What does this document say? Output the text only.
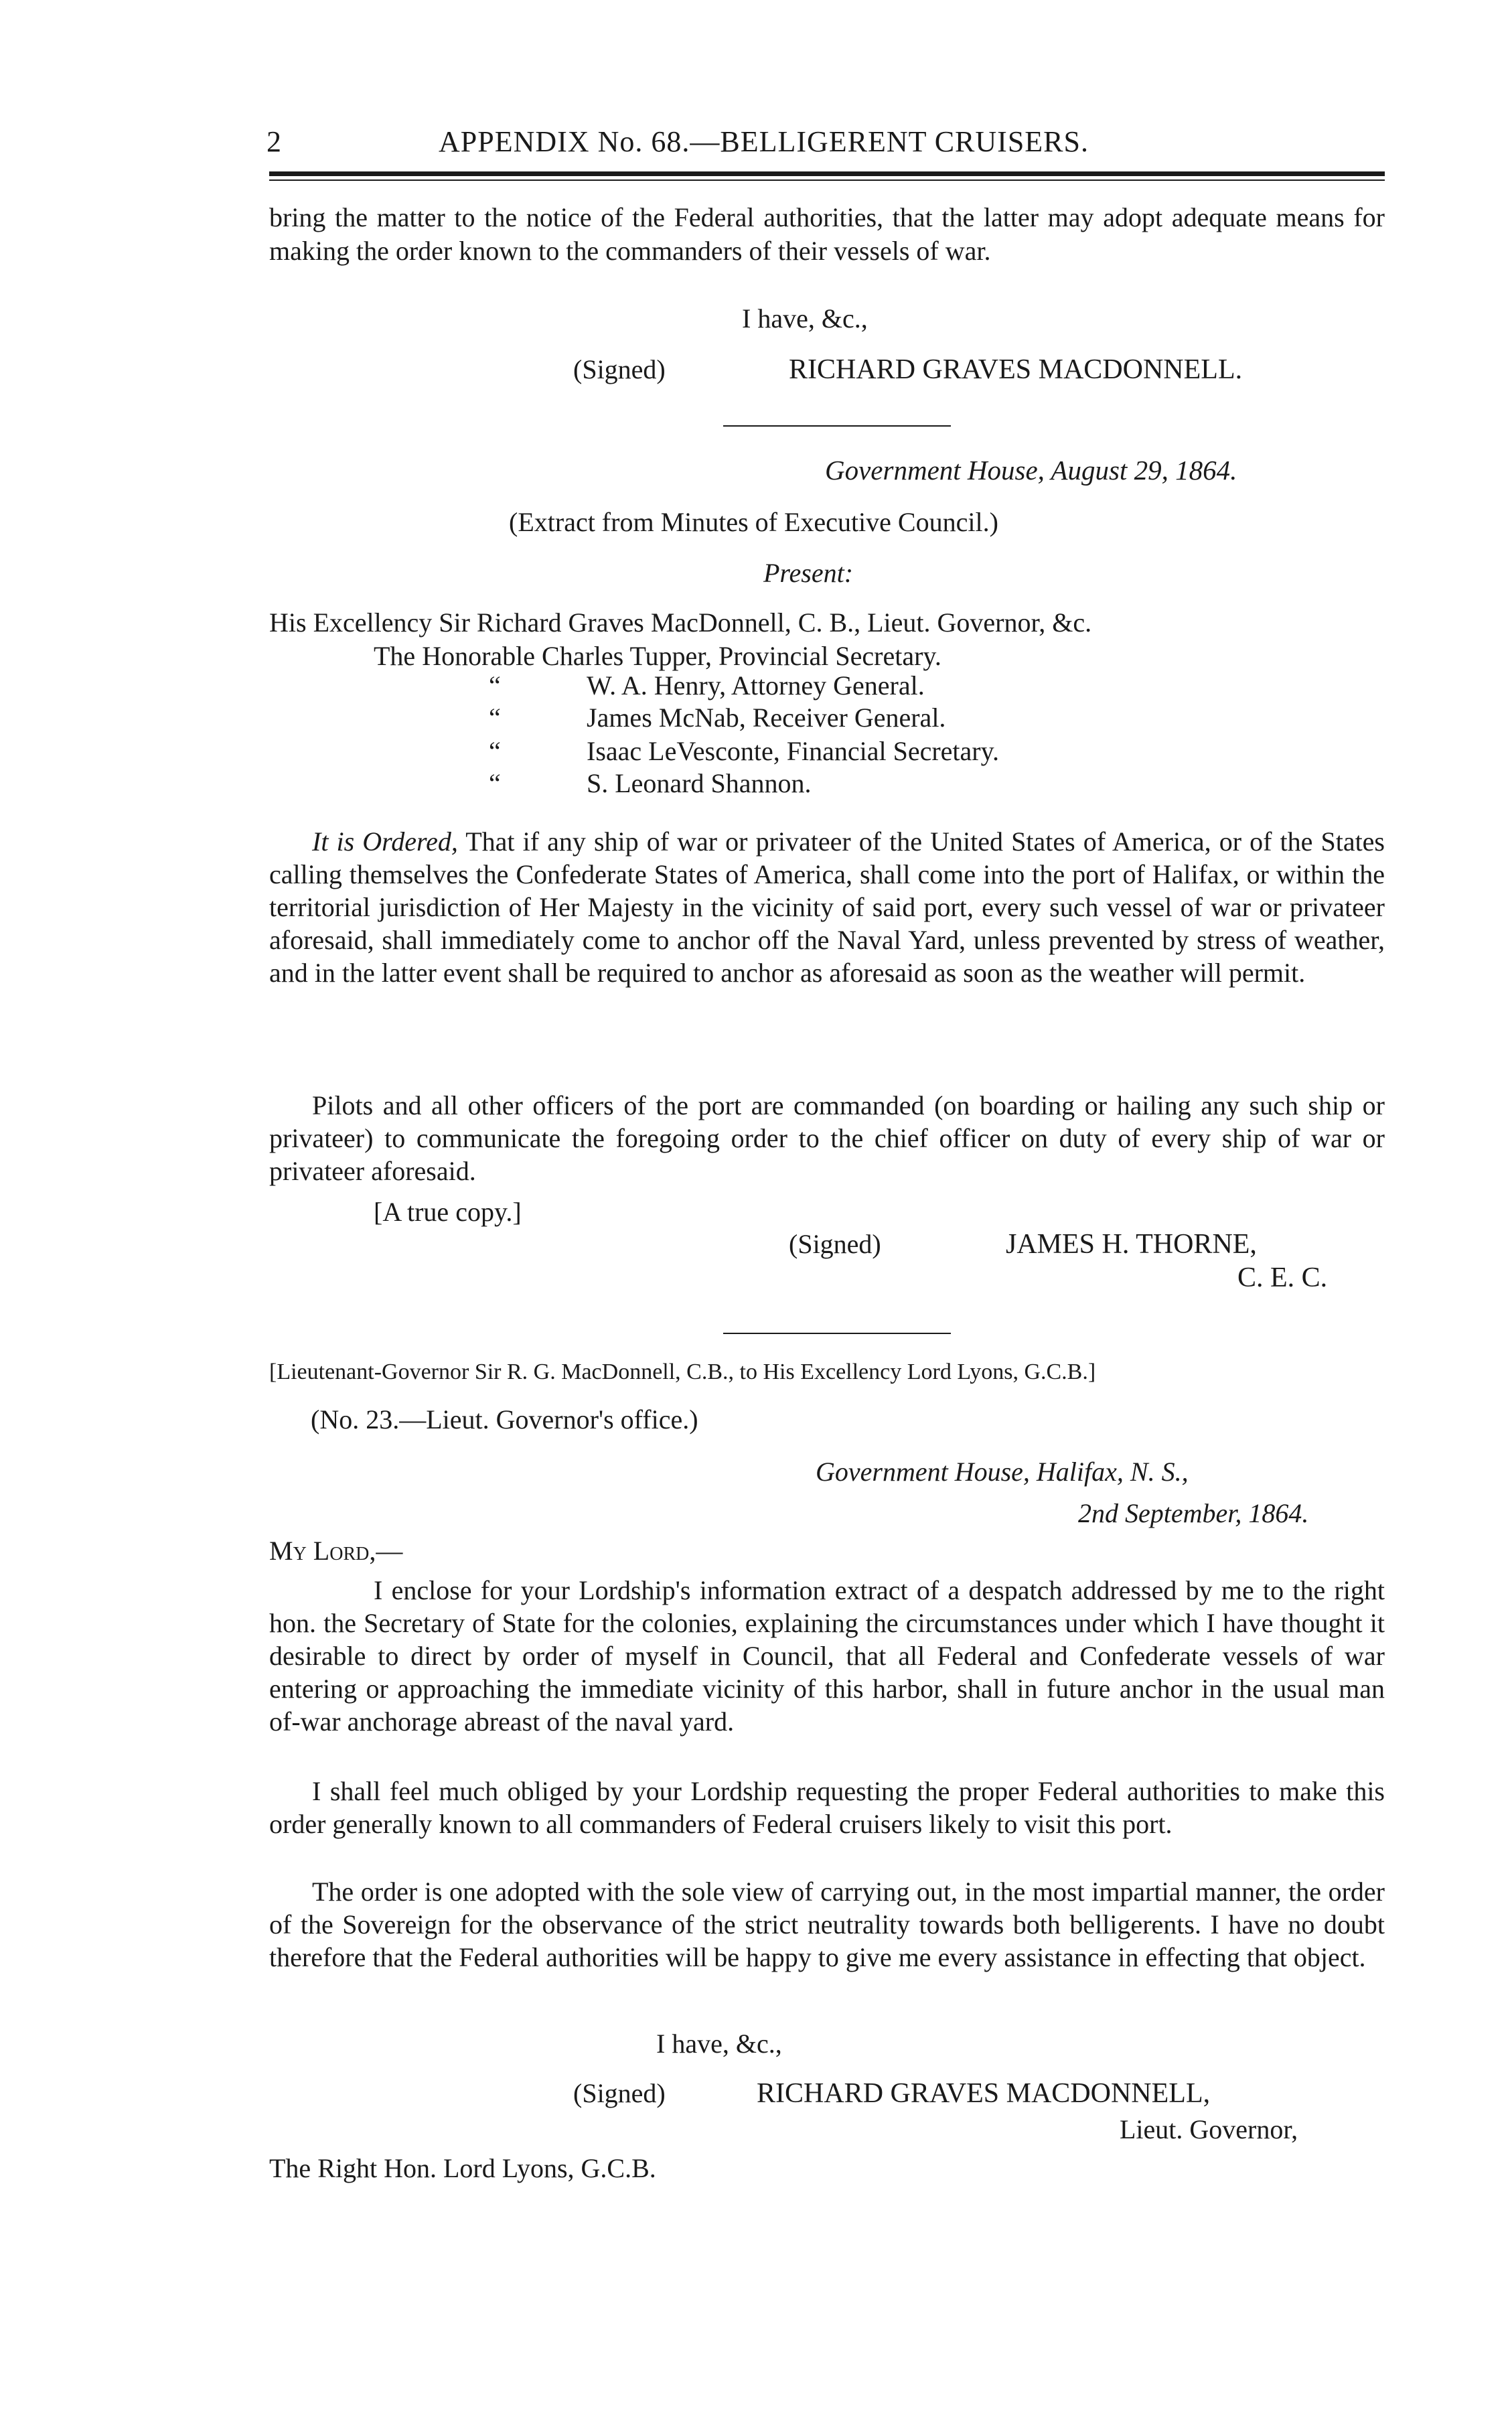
2	APPENDIX No. 68.—BELLIGERENT CRUISERS.
bring the matter to the notice of the Federal authorities, that the latter may adopt adequate means for making the order known to the commanders of their vessels of war.
I have, &c.,
(Signed)	RICHARD GRAVES MACDONNELL.
Government House, August 29, 1864.
(Extract from Minutes of Executive Council.)
Present:
His Excellency Sir Richard Graves MacDonnell, C. B., Lieut. Governor, &c.
The Honorable Charles Tupper, Provincial Secretary.
“	W. A. Henry, Attorney General.
“	James McNab, Receiver General.
“	Isaac LeVesconte, Financial Secretary.
“	S. Leonard Shannon.
It is Ordered, That if any ship of war or privateer of the United States of America, or of the States calling themselves the Confederate States of America, shall come into the port of Halifax, or within the territorial jurisdiction of Her Majesty in the vicinity of said port, every such vessel of war or privateer aforesaid, shall immediately come to anchor off the Naval Yard, unless prevented by stress of weather, and in the latter event shall be required to anchor as aforesaid as soon as the weather will permit.
Pilots and all other officers of the port are commanded (on boarding or hailing any such ship or privateer) to communicate the foregoing order to the chief officer on duty of every ship of war or privateer aforesaid.
[A true copy.]
(Signed)	JAMES H. THORNE,
C. E. C.
[Lieutenant-Governor Sir R. G. MacDonnell, C.B., to His Excellency Lord Lyons, G.C.B.]
(No. 23.—Lieut. Governor's office.)
Government House, Halifax, N. S.,
2nd September, 1864.
My Lord,—
I enclose for your Lordship's information extract of a despatch addressed by me to the right hon. the Secretary of State for the colonies, explaining the circumstances under which I have thought it desirable to direct by order of myself in Council, that all Federal and Confederate vessels of war entering or approaching the immediate vicinity of this harbor, shall in future anchor in the usual man of-war anchorage abreast of the naval yard.
I shall feel much obliged by your Lordship requesting the proper Federal authorities to make this order generally known to all commanders of Federal cruisers likely to visit this port.
The order is one adopted with the sole view of carrying out, in the most impartial manner, the order of the Sovereign for the observance of the strict neutrality towards both belligerents. I have no doubt therefore that the Federal authorities will be happy to give me every assistance in effecting that object.
I have, &c.,
(Signed)	RICHARD GRAVES MACDONNELL,
Lieut. Governor,
The Right Hon. Lord Lyons, G.C.B.
